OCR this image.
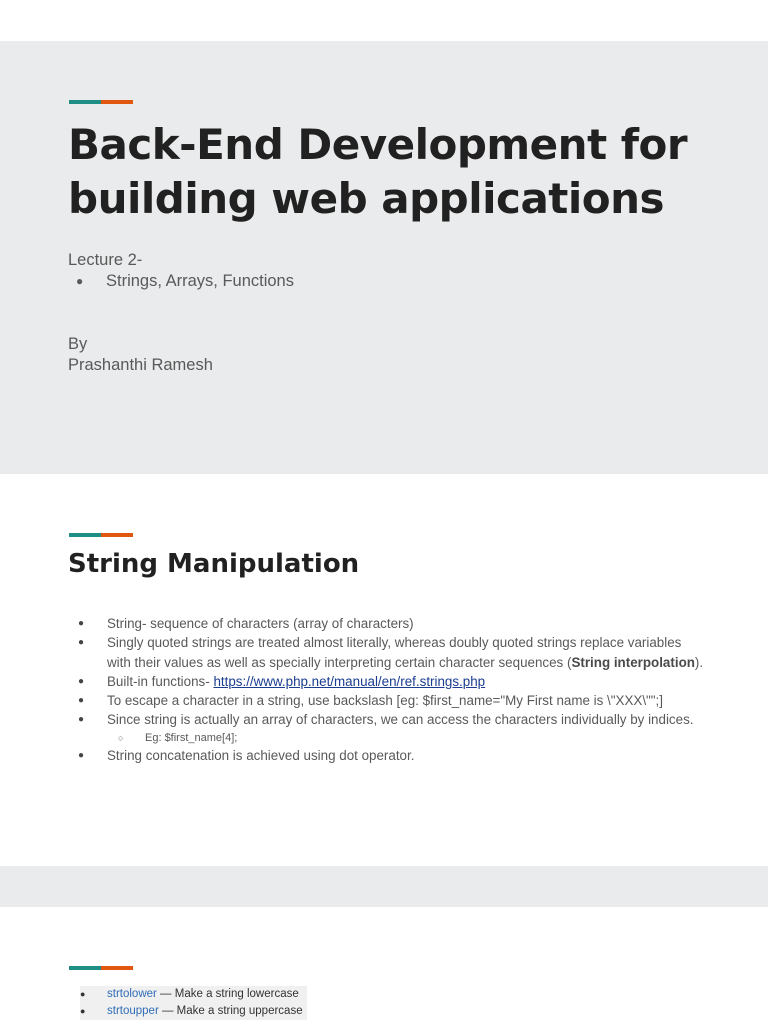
Back-End Development for building web applications
Lecture 2-
● Strings, Arrays, Functions
By
Prashanthi Ramesh
String Manipulation
● String- sequence of characters (array of characters)
● Singly quoted strings are treated almost literally, whereas doubly quoted strings replace variables with their values as well as specially interpreting certain character sequences (String interpolation).
● Built-in functions- https://www.php.net/manual/en/ref.strings.php
● To escape a character in a string, use backslash [eg: $first_name="My First name is \"XXX\"";]
● Since string is actually an array of characters, we can access the characters individually by indices.
○ Eg: $first_name[4];
● String concatenation is achieved using dot operator.
● strtolower — Make a string lowercase
● strtoupper — Make a string uppercase
